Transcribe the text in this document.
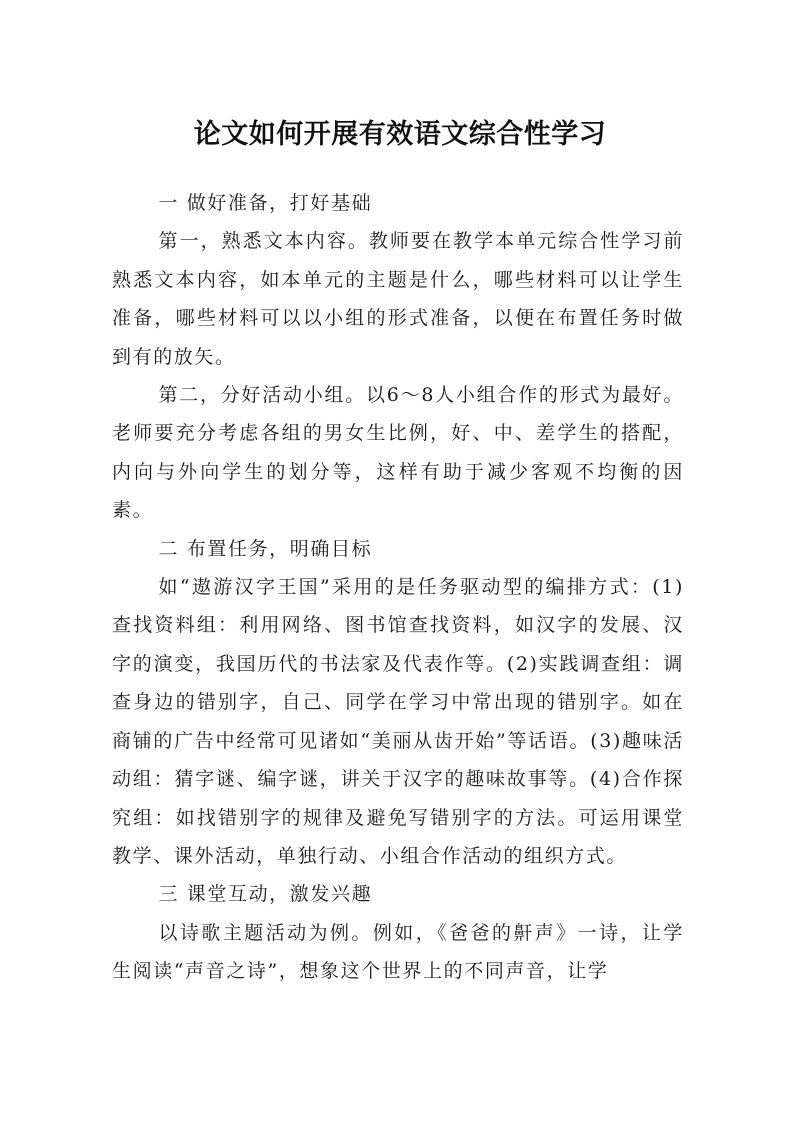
论文如何开展有效语文综合性学习

一 做好准备，打好基础

第一，熟悉文本内容。教师要在教学本单元综合性学习前熟悉文本内容，如本单元的主题是什么，哪些材料可以让学生准备，哪些材料可以以小组的形式准备，以便在布置任务时做到有的放矢。

第二，分好活动小组。以6～8人小组合作的形式为最好。老师要充分考虑各组的男女生比例，好、中、差学生的搭配，内向与外向学生的划分等，这样有助于减少客观不均衡的因素。

二 布置任务，明确目标

如“遨游汉字王国”采用的是任务驱动型的编排方式：(1)查找资料组：利用网络、图书馆查找资料，如汉字的发展、汉字的演变，我国历代的书法家及代表作等。(2)实践调查组：调查身边的错别字，自己、同学在学习中常出现的错别字。如在商铺的广告中经常可见诸如“美丽从齿开始”等话语。(3)趣味活动组：猜字谜、编字谜，讲关于汉字的趣味故事等。(4)合作探究组：如找错别字的规律及避免写错别字的方法。可运用课堂教学、课外活动，单独行动、小组合作活动的组织方式。

三 课堂互动，激发兴趣

以诗歌主题活动为例。例如，《爸爸的鼾声》一诗，让学生阅读“声音之诗”，想象这个世界上的不同声音，让学
